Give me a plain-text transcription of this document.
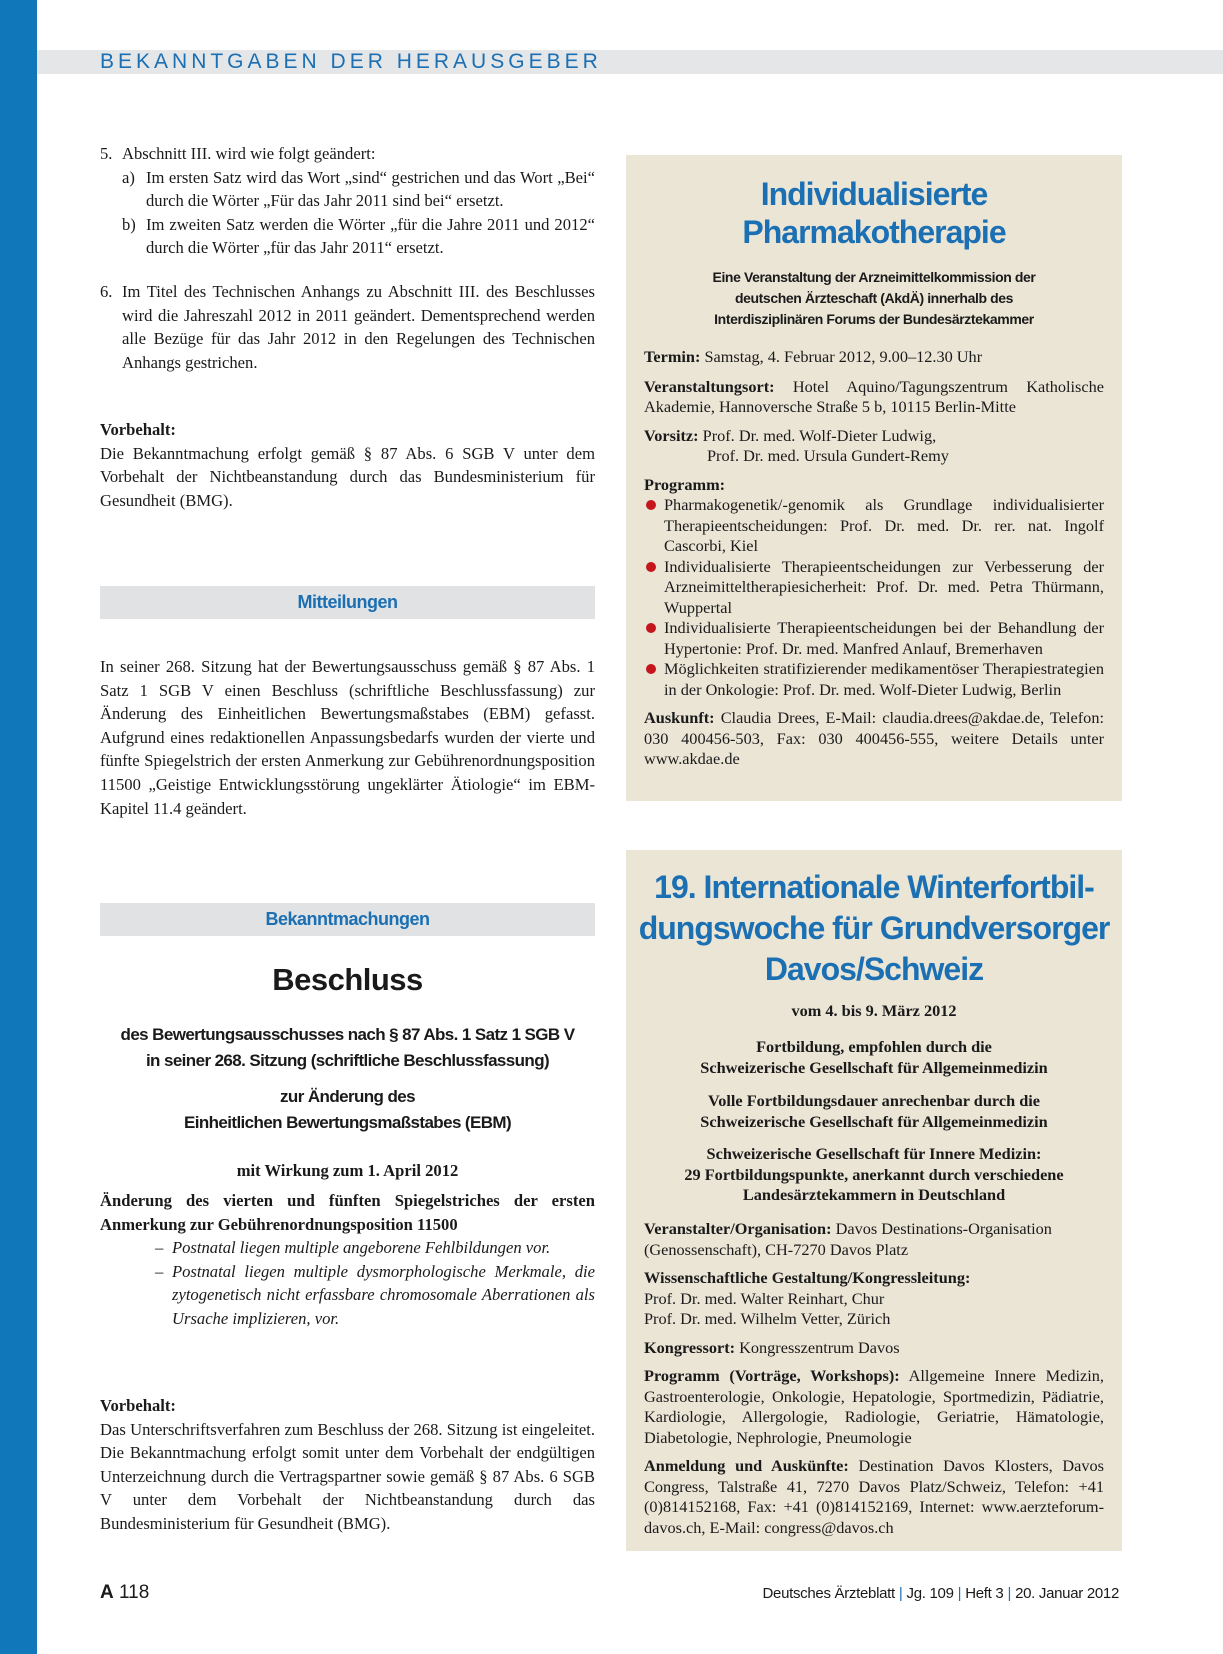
BEKANNTGABEN DER HERAUSGEBER
5. Abschnitt III. wird wie folgt geändert:

a) Im ersten Satz wird das Wort „sind“ gestrichen und das Wort „Bei“ durch die Wörter „Für das Jahr 2011 sind bei“ ersetzt.

b) Im zweiten Satz werden die Wörter „für die Jahre 2011 und 2012“ durch die Wörter „für das Jahr 2011“ ersetzt.

6. Im Titel des Technischen Anhangs zu Abschnitt III. des Beschlusses wird die Jahreszahl 2012 in 2011 geändert. Dementsprechend werden alle Bezüge für das Jahr 2012 in den Regelungen des Technischen Anhangs gestrichen.

Vorbehalt:

Die Bekanntmachung erfolgt gemäß § 87 Abs. 6 SGB V unter dem Vorbehalt der Nichtbeanstandung durch das Bundesministerium für Gesundheit (BMG).

Mitteilungen
In seiner 268. Sitzung hat der Bewertungsausschuss gemäß § 87 Abs. 1 Satz 1 SGB V einen Beschluss (schriftliche Beschlussfassung) zur Änderung des Einheitlichen Bewertungsmaßstabes (EBM) gefasst. Aufgrund eines redaktionellen Anpassungsbedarfs wurden der vierte und fünfte Spiegelstrich der ersten Anmerkung zur Gebührenordnungsposition 11500 „Geistige Entwicklungsstörung ungeklärter Ätiologie“ im EBM-Kapitel 11.4 geändert.
Bekanntmachungen
Beschluss
des Bewertungsausschusses nach § 87 Abs. 1 Satz 1 SGB V
in seiner 268. Sitzung (schriftliche Beschlussfassung)
zur Änderung des
Einheitlichen Bewertungsmaßstabes (EBM)
mit Wirkung zum 1. April 2012

Änderung des vierten und fünften Spiegelstriches der ersten Anmerkung zur Gebührenordnungsposition 11500

– Postnatal liegen multiple angeborene Fehlbildungen vor.

– Postnatal liegen multiple dysmorphologische Merkmale, die zytogenetisch nicht erfassbare chromosomale Aberrationen als Ursache implizieren, vor.

Vorbehalt:

Das Unterschriftsverfahren zum Beschluss der 268. Sitzung ist eingeleitet. Die Bekanntmachung erfolgt somit unter dem Vorbehalt der endgültigen Unterzeichnung durch die Vertragspartner sowie gemäß § 87 Abs. 6 SGB V unter dem Vorbehalt der Nichtbeanstandung durch das Bundesministerium für Gesundheit (BMG).

Individualisierte
Pharmakotherapie
Eine Veranstaltung der Arzneimittelkommission der
deutschen Ärzteschaft (AkdÄ) innerhalb des
Interdisziplinären Forums der Bundesärztekammer

Termin: Samstag, 4. Februar 2012, 9.00–12.30 Uhr

Veranstaltungsort: Hotel Aquino/Tagungszentrum Katholische Akademie, Hannoversche Straße 5 b, 10115 Berlin-Mitte

Vorsitz: Prof. Dr. med. Wolf-Dieter Ludwig,

Prof. Dr. med. Ursula Gundert-Remy

Programm:

Pharmakogenetik/-genomik als Grundlage individualisierter Therapieentscheidungen: Prof. Dr. med. Dr. rer. nat. Ingolf Cascorbi, Kiel

Individualisierte Therapieentscheidungen zur Verbesserung der Arzneimitteltherapiesicherheit: Prof. Dr. med. Petra Thürmann, Wuppertal

Individualisierte Therapieentscheidungen bei der Behandlung der Hypertonie: Prof. Dr. med. Manfred Anlauf, Bremerhaven

Möglichkeiten stratifizierender medikamentöser Therapiestrategien in der Onkologie: Prof. Dr. med. Wolf-Dieter Ludwig, Berlin

Auskunft: Claudia Drees, E-Mail: claudia.drees@akdae.de, Telefon: 030 400456-503, Fax: 030 400456-555, weitere Details unter www.akdae.de

19. Internationale Winterfortbil-
dungswoche für Grundversorger
Davos/Schweiz
vom 4. bis 9. März 2012
Fortbildung, empfohlen durch die
Schweizerische Gesellschaft für Allgemeinmedizin
Volle Fortbildungsdauer anrechenbar durch die
Schweizerische Gesellschaft für Allgemeinmedizin
Schweizerische Gesellschaft für Innere Medizin:
29 Fortbildungspunkte, anerkannt durch verschiedene
Landesärztekammern in Deutschland

Veranstalter/Organisation: Davos Destinations-Organisation (Genossenschaft), CH-7270 Davos Platz

Wissenschaftliche Gestaltung/Kongressleitung:

Prof. Dr. med. Walter Reinhart, Chur

Prof. Dr. med. Wilhelm Vetter, Zürich

Kongressort: Kongresszentrum Davos

Programm (Vorträge, Workshops): Allgemeine Innere Medizin, Gastroenterologie, Onkologie, Hepatologie, Sportmedizin, Pädiatrie, Kardiologie, Allergologie, Radiologie, Geriatrie, Hämatologie, Diabetologie, Nephrologie, Pneumologie

Anmeldung und Auskünfte: Destination Davos Klosters, Davos Congress, Talstraße 41, 7270 Davos Platz/Schweiz, Telefon: +41 (0)814152168, Fax: +41 (0)814152169, Internet: www.aerzteforum-davos.ch, E-Mail: congress@davos.ch

A 118	Deutsches Ärzteblatt | Jg. 109 | Heft 3 | 20. Januar 2012
